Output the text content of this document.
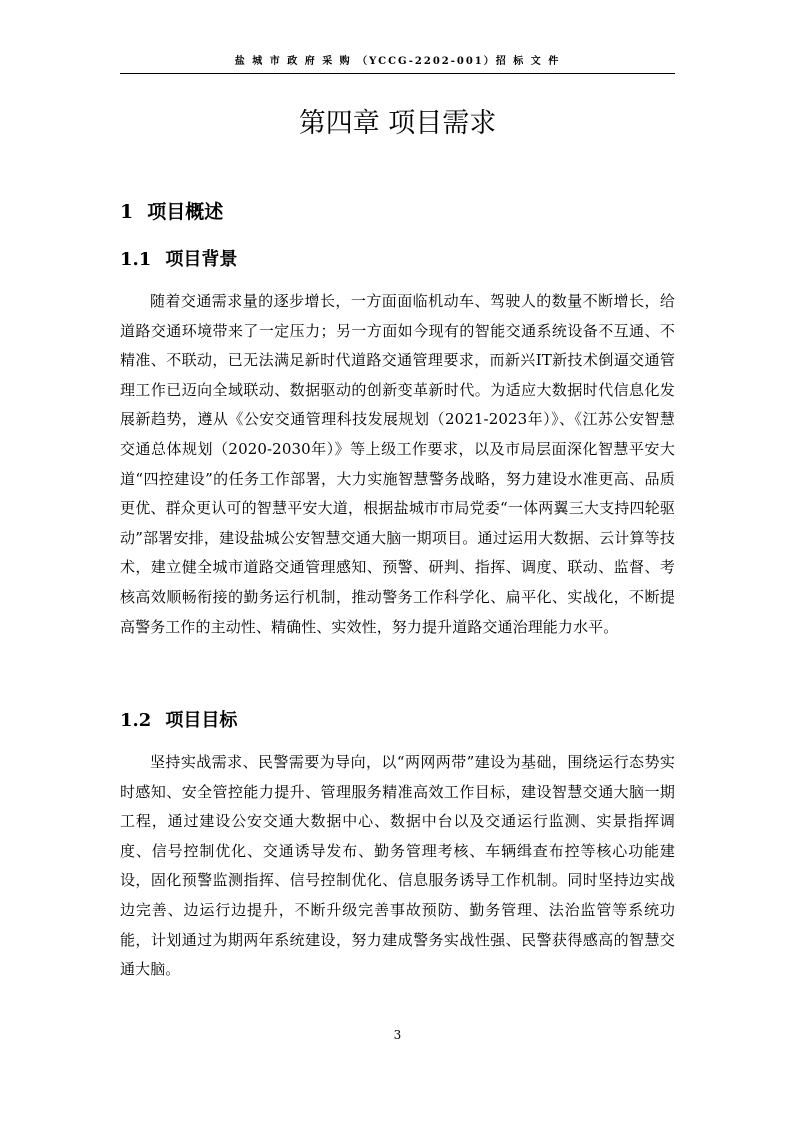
盐 城 市 政 府 采 购 （YCCG-2202-001）招 标 文 件
第四章 项目需求
1 项目概述
1.1 项目背景
随着交通需求量的逐步增长，一方面面临机动车、驾驶人的数量不断增长，给道路交通环境带来了一定压力；另一方面如今现有的智能交通系统设备不互通、不精准、不联动，已无法满足新时代道路交通管理要求，而新兴IT新技术倒逼交通管理工作已迈向全域联动、数据驱动的创新变革新时代。为适应大数据时代信息化发展新趋势，遵从《公安交通管理科技发展规划（2021-2023年）》、《江苏公安智慧交通总体规划（2020-2030年）》等上级工作要求，以及市局层面深化智慧平安大道“四控建设”的任务工作部署，大力实施智慧警务战略，努力建设水准更高、品质更优、群众更认可的智慧平安大道，根据盐城市市局党委“一体两翼三大支持四轮驱动”部署安排，建设盐城公安智慧交通大脑一期项目。通过运用大数据、云计算等技术，建立健全城市道路交通管理感知、预警、研判、指挥、调度、联动、监督、考核高效顺畅衔接的勤务运行机制，推动警务工作科学化、扁平化、实战化，不断提高警务工作的主动性、精确性、实效性，努力提升道路交通治理能力水平。
1.2 项目目标
坚持实战需求、民警需要为导向，以“两网两带”建设为基础，围绕运行态势实时感知、安全管控能力提升、管理服务精准高效工作目标，建设智慧交通大脑一期工程，通过建设公安交通大数据中心、数据中台以及交通运行监测、实景指挥调度、信号控制优化、交通诱导发布、勤务管理考核、车辆缉查布控等核心功能建设，固化预警监测指挥、信号控制优化、信息服务诱导工作机制。同时坚持边实战边完善、边运行边提升，不断升级完善事故预防、勤务管理、法治监管等系统功能，计划通过为期两年系统建设，努力建成警务实战性强、民警获得感高的智慧交通大脑。
3
